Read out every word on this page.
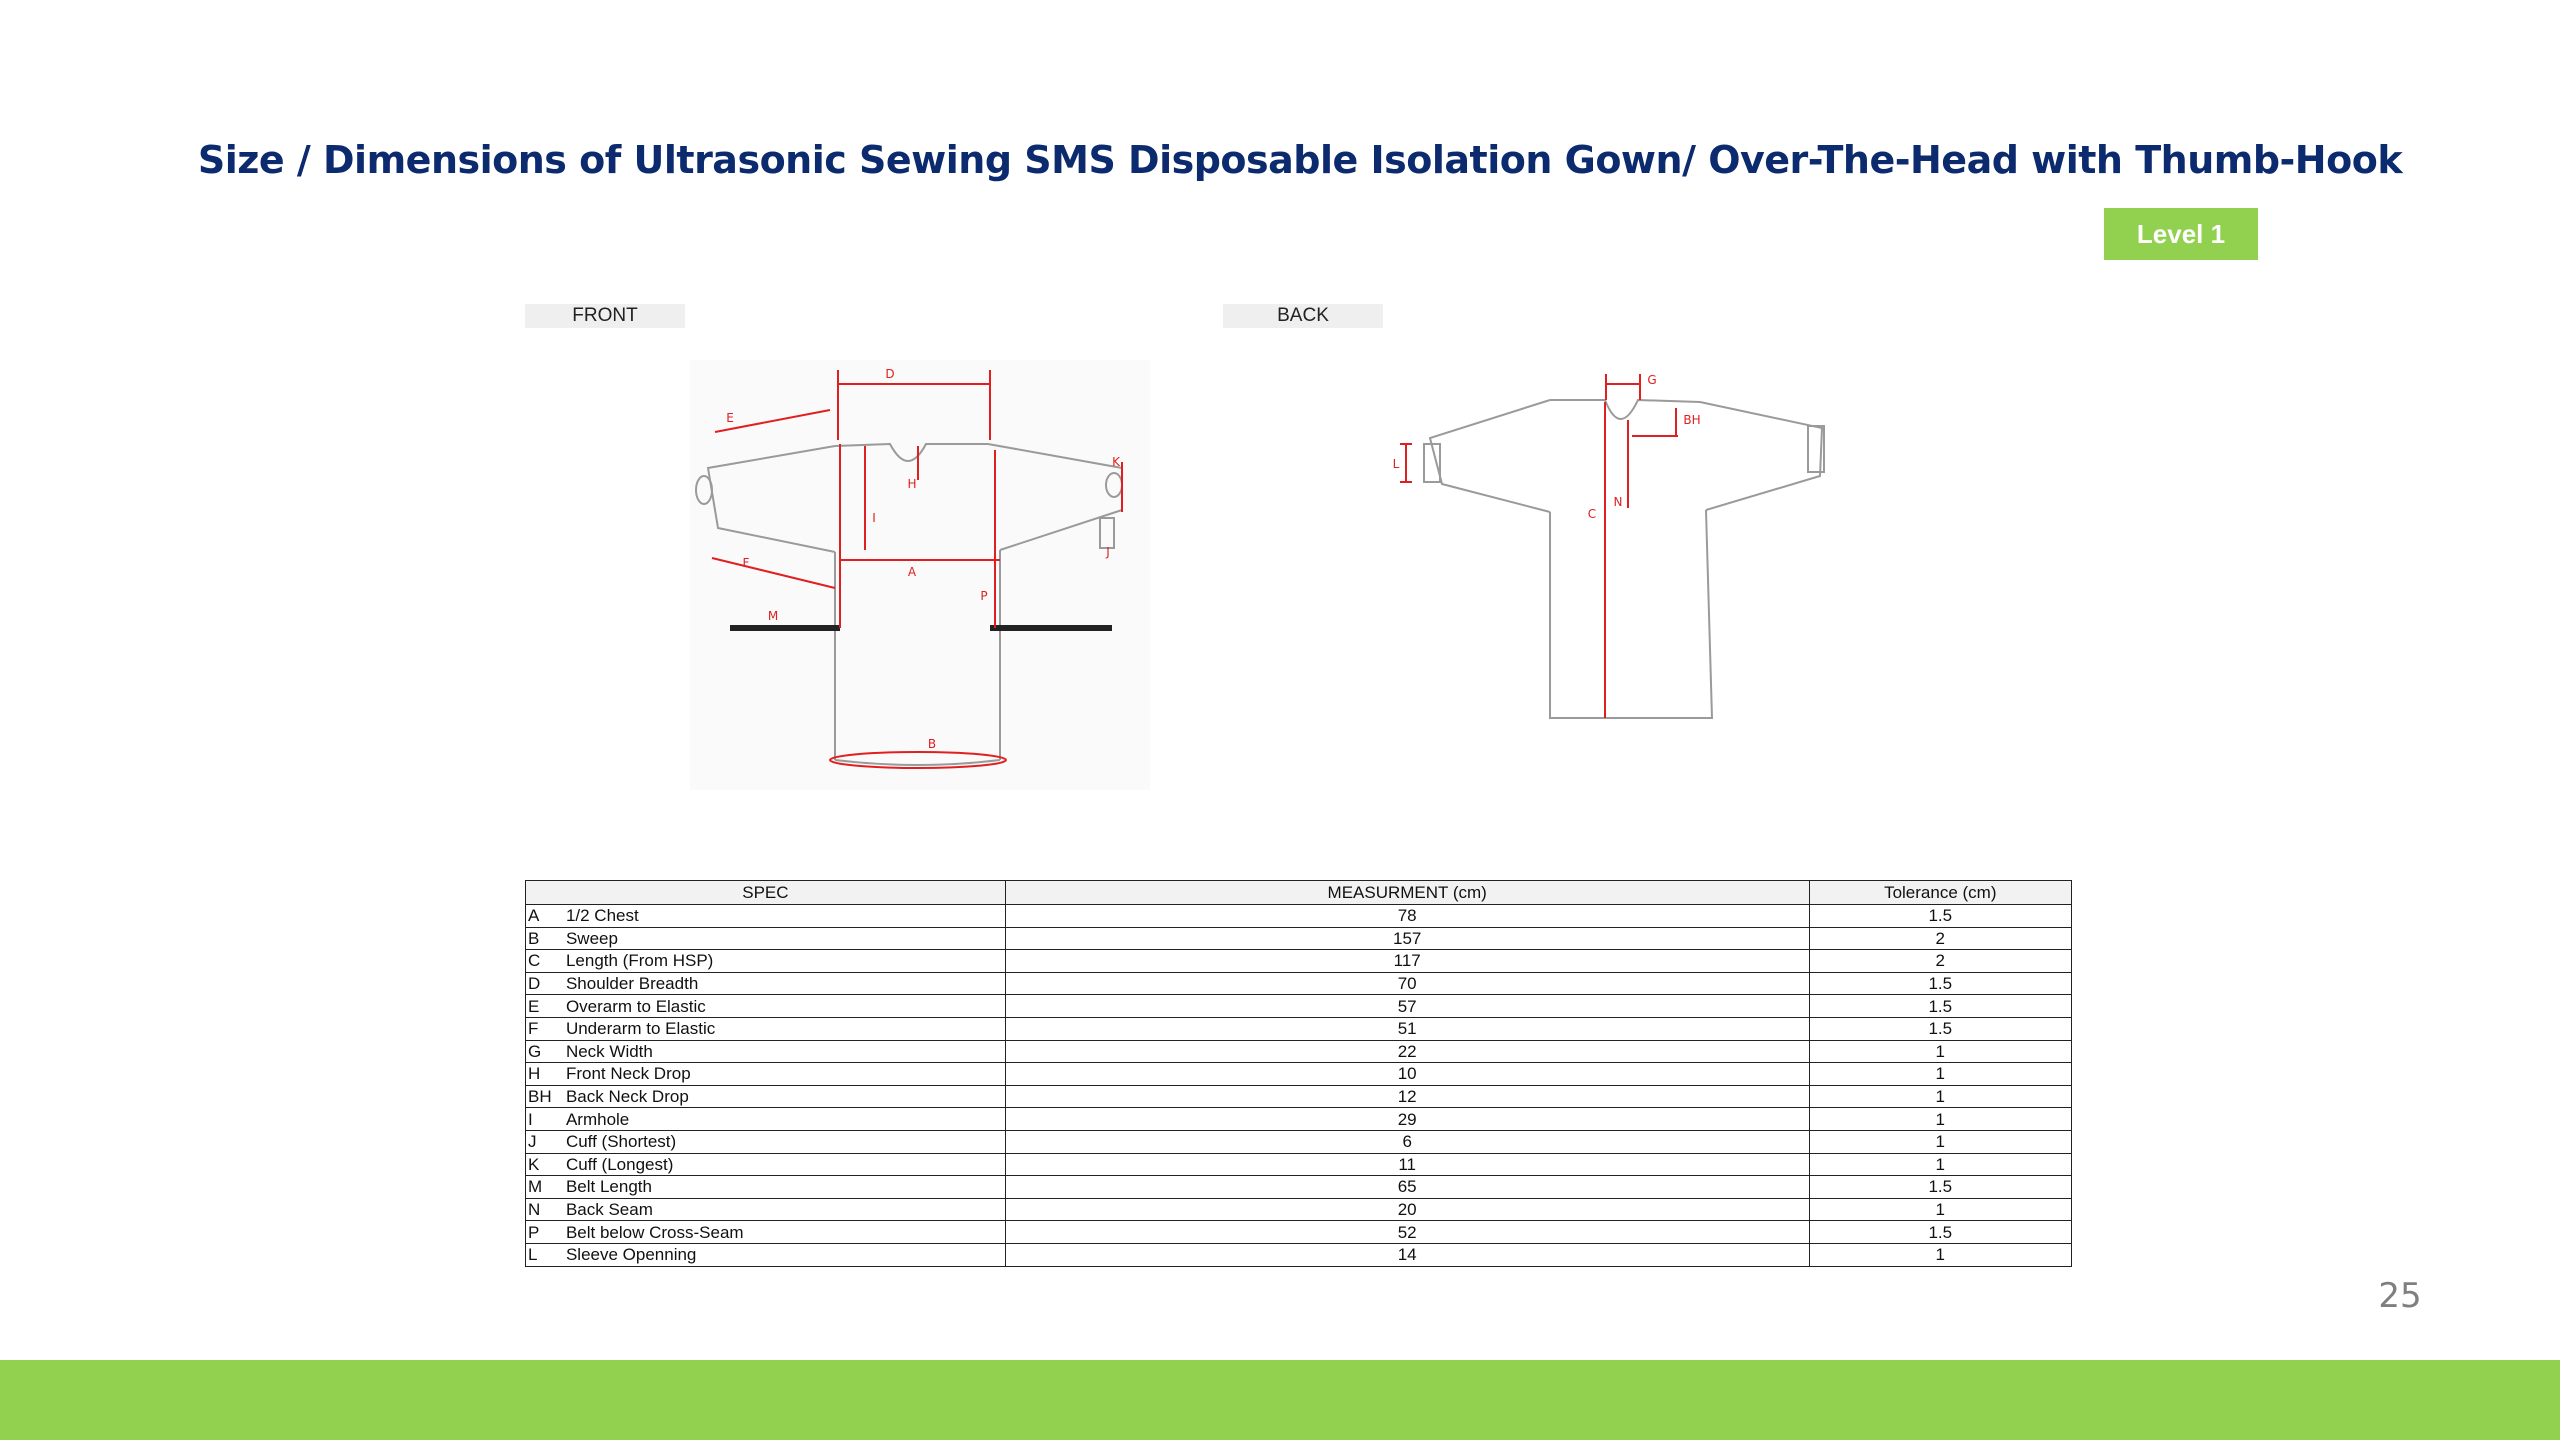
Size / Dimensions of Ultrasonic Sewing SMS Disposable Isolation Gown/ Over-The-Head with Thumb-Hook
Level 1
FRONT	BACK
D
E
F
A
H
I
P
M
B
K
J
G
BH
C
N
L
SPEC		MEASURMENT (cm)	Tolerance (cm)
A	1/2 Chest	78	1.5
B	Sweep	157	2
C	Length (From HSP)	117	2
D	Shoulder Breadth	70	1.5
E	Overarm to Elastic	57	1.5
F	Underarm to Elastic	51	1.5
G	Neck Width	22	1
H	Front Neck Drop	10	1
BH	Back Neck Drop	12	1
I	Armhole	29	1
J	Cuff (Shortest)	6	1
K	Cuff (Longest)	11	1
M	Belt Length	65	1.5
N	Back Seam	20	1
P	Belt below Cross-Seam	52	1.5
L	Sleeve Openning	14	1
25
